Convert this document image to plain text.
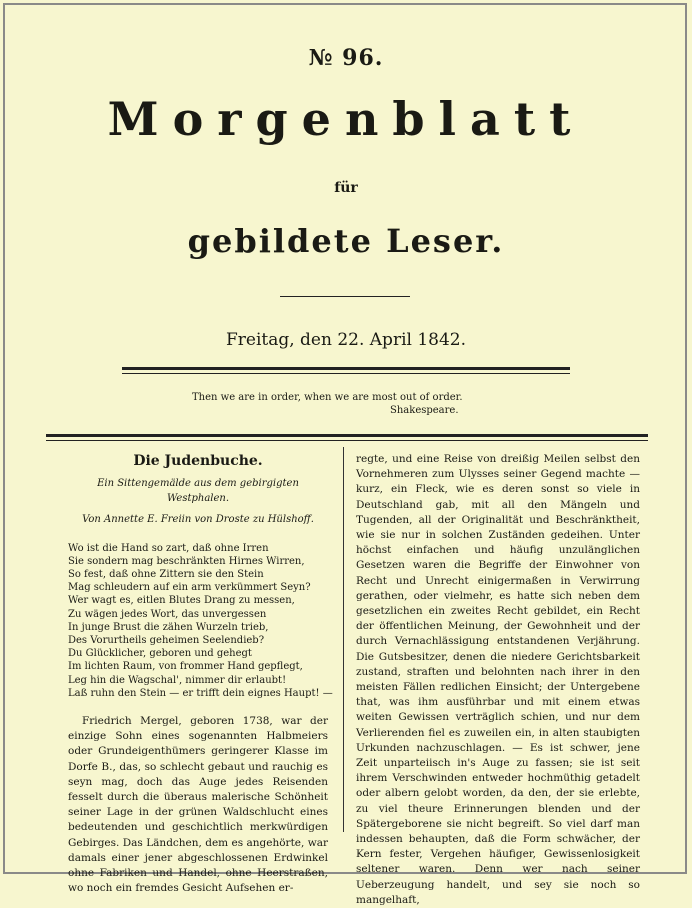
№ 96.
Morgenblatt
für
gebildete Leser.
Freitag, den 22. April 1842.
Then we are in order, when we are most out of order.
Shakespeare.
Die Judenbuche.
Ein Sittengemälde aus dem gebirgigten Westphalen.
Von Annette E. Freiin von Droste zu Hülshoff.
Wo ist die Hand so zart, daß ohne Irren
Sie sondern mag beschränkten Hirnes Wirren,
So fest, daß ohne Zittern sie den Stein
Mag schleudern auf ein arm verkümmert Seyn?
Wer wagt es, eitlen Blutes Drang zu messen,
Zu wägen jedes Wort, das unvergessen
In junge Brust die zähen Wurzeln trieb,
Des Vorurtheils geheimen Seelendieb?
Du Glücklicher, geboren und gehegt
Im lichten Raum, von frommer Hand gepflegt,
Leg hin die Wagschal', nimmer dir erlaubt!
Laß ruhn den Stein — er trifft dein eignes Haupt! —

Friedrich Mergel, geboren 1738, war der einzige Sohn eines sogenannten Halbmeiers oder Grundeigenthümers geringerer Klasse im Dorfe B., das, so schlecht gebaut und rauchig es seyn mag, doch das Auge jedes Reisenden fesselt durch die überaus malerische Schönheit seiner Lage in der grünen Waldschlucht eines bedeutenden und geschichtlich merkwürdigen Gebirges. Das Ländchen, dem es angehörte, war damals einer jener abgeschlossenen Erdwinkel ohne Fabriken und Handel, ohne Heerstraßen, wo noch ein fremdes Gesicht Aufsehen er-

regte, und eine Reise von dreißig Meilen selbst den Vornehmeren zum Ulysses seiner Gegend machte — kurz, ein Fleck, wie es deren sonst so viele in Deutschland gab, mit all den Mängeln und Tugenden, all der Originalität und Beschränktheit, wie sie nur in solchen Zuständen gedeihen. Unter höchst einfachen und häufig unzulänglichen Gesetzen waren die Begriffe der Einwohner von Recht und Unrecht einigermaßen in Verwirrung gerathen, oder vielmehr, es hatte sich neben dem gesetzlichen ein zweites Recht gebildet, ein Recht der öffentlichen Meinung, der Gewohnheit und der durch Vernachlässigung entstandenen Verjährung. Die Gutsbesitzer, denen die niedere Gerichtsbarkeit zustand, straften und belohnten nach ihrer in den meisten Fällen redlichen Einsicht; der Untergebene that, was ihm ausführbar und mit einem etwas weiten Gewissen verträglich schien, und nur dem Verlierenden fiel es zuweilen ein, in alten staubigten Urkunden nachzuschlagen. — Es ist schwer, jene Zeit unparteiisch in's Auge zu fassen; sie ist seit ihrem Verschwinden entweder hochmüthig getadelt oder albern gelobt worden, da den, der sie erlebte, zu viel theure Erinnerungen blenden und der Spätergeborene sie nicht begreift. So viel darf man indessen behaupten, daß die Form schwächer, der Kern fester, Vergehen häufiger, Gewissenlosigkeit seltener waren. Denn wer nach seiner Ueberzeugung handelt, und sey sie noch so mangelhaft,
